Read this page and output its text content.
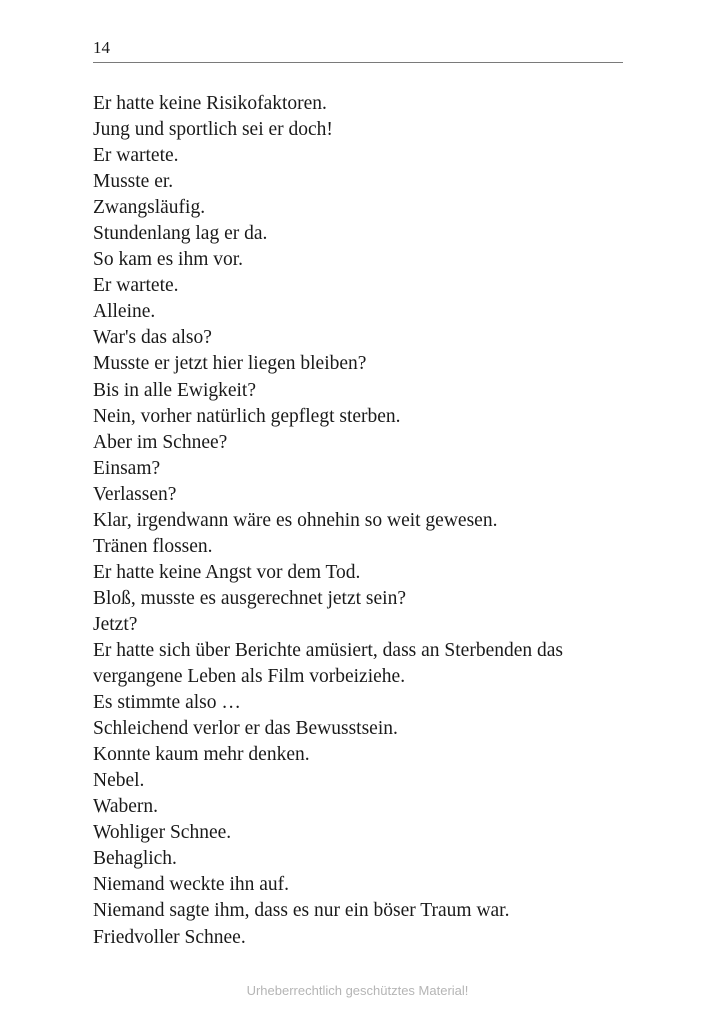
14
Er hatte keine Risikofaktoren.
Jung und sportlich sei er doch!
Er wartete.
Musste er.
Zwangsläufig.
Stundenlang lag er da.
So kam es ihm vor.
Er wartete.
Alleine.
War's das also?
Musste er jetzt hier liegen bleiben?
Bis in alle Ewigkeit?
Nein, vorher natürlich gepflegt sterben.
Aber im Schnee?
Einsam?
Verlassen?
Klar, irgendwann wäre es ohnehin so weit gewesen.
Tränen flossen.
Er hatte keine Angst vor dem Tod.
Bloß, musste es ausgerechnet jetzt sein?
Jetzt?
Er hatte sich über Berichte amüsiert, dass an Sterbenden das
vergangene Leben als Film vorbeiziehe.
Es stimmte also …
Schleichend verlor er das Bewusstsein.
Konnte kaum mehr denken.
Nebel.
Wabern.
Wohliger Schnee.
Behaglich.
Niemand weckte ihn auf.
Niemand sagte ihm, dass es nur ein böser Traum war.
Friedvoller Schnee.
Urheberrechtlich geschütztes Material!
